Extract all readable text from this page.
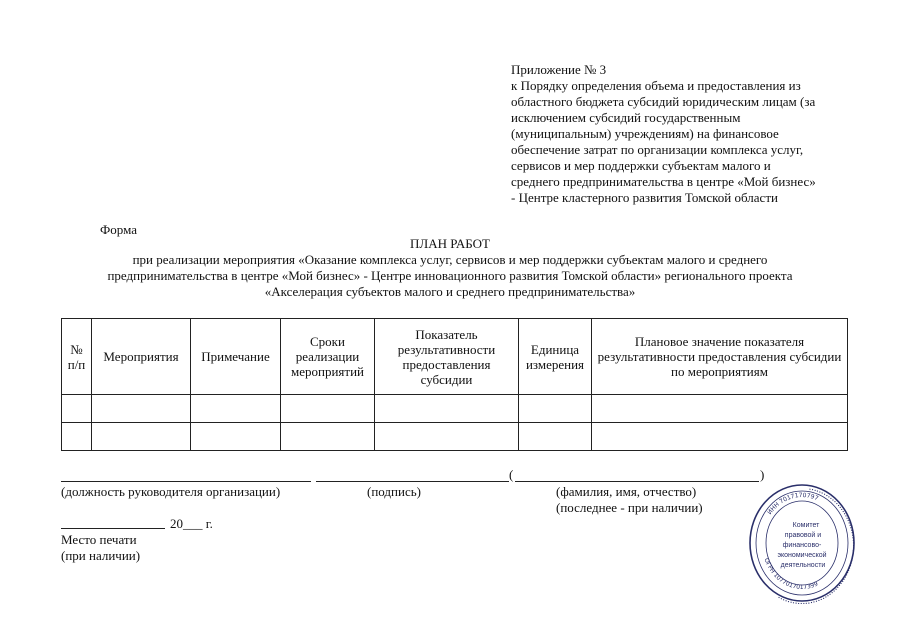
Приложение № 3
к Порядку определения объема и предоставления из
областного бюджета субсидий юридическим лицам (за
исключением субсидий государственным
(муниципальным) учреждениям) на финансовое
обеспечение затрат по организации комплекса услуг,
сервисов и мер поддержки субъектам малого и
среднего предпринимательства в центре «Мой бизнес»
- Центре кластерного развития Томской области
Форма
ПЛАН РАБОТ
при реализации мероприятия «Оказание комплекса услуг, сервисов и мер поддержки субъектам малого и среднего
предпринимательства в центре «Мой бизнес» - Центре инновационного развития Томской области» регионального проекта
«Акселерация субъектов малого и среднего предпринимательства»
№ п/п	Мероприятия	Примечание	Сроки реализации мероприятий	Показатель результативности предоставления субсидии	Единица измерения	Плановое значение показателя результативности предоставления субсидии по мероприятиям

(	)
(должность руководителя организации)	(подпись)	(фамилия, имя, отчество)
(последнее - при наличии)
20___ г.
Место печати
(при наличии)
••••••••••••••••••••••••••••••••••••••••••••••••••••••••••••••••••••••••••
ИНН 7017170797
ОГРН 1077017017399
Комитет
правовой и
финансово-
экономической
деятельности
